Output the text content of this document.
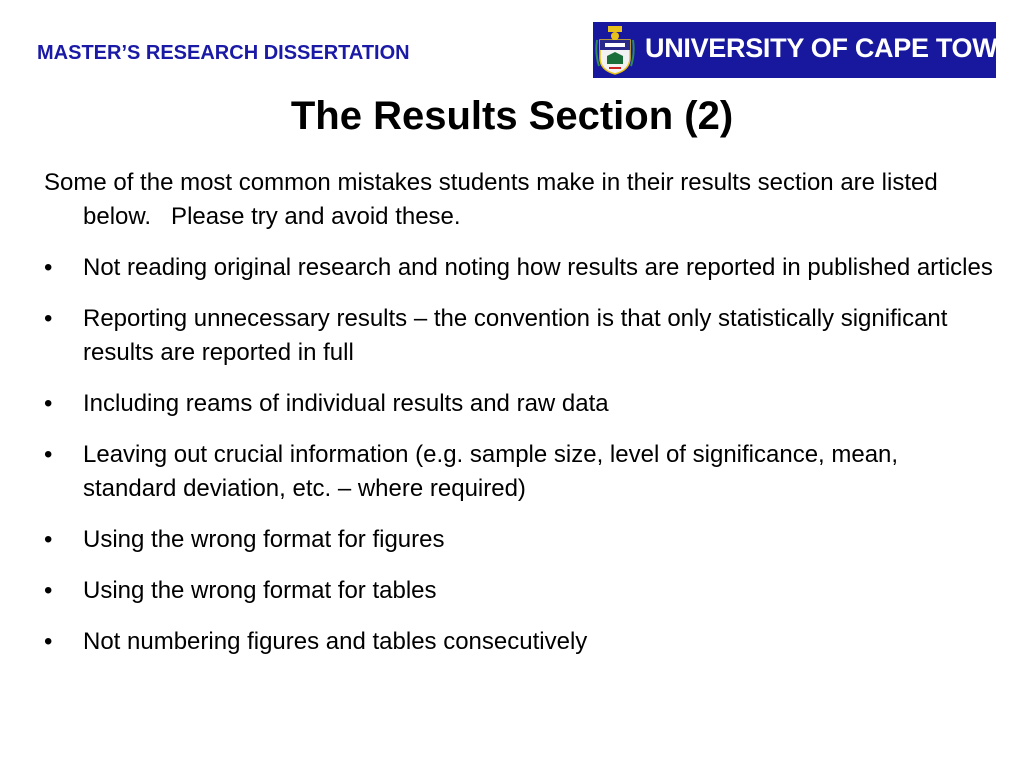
MASTER’S RESEARCH DISSERTATION	UNIVERSITY OF CAPE TOWN
The Results Section (2)
Some of the most common mistakes students make in their results section are listed below.   Please try and avoid these.
• Not reading original research and noting how results are reported in published articles
• Reporting unnecessary results – the convention is that only statistically significant results are reported in full
• Including reams of individual results and raw data
• Leaving out crucial information (e.g. sample size, level of significance, mean, standard deviation, etc. – where required)
• Using the wrong format for figures
• Using the wrong format for tables
• Not numbering figures and tables consecutively
